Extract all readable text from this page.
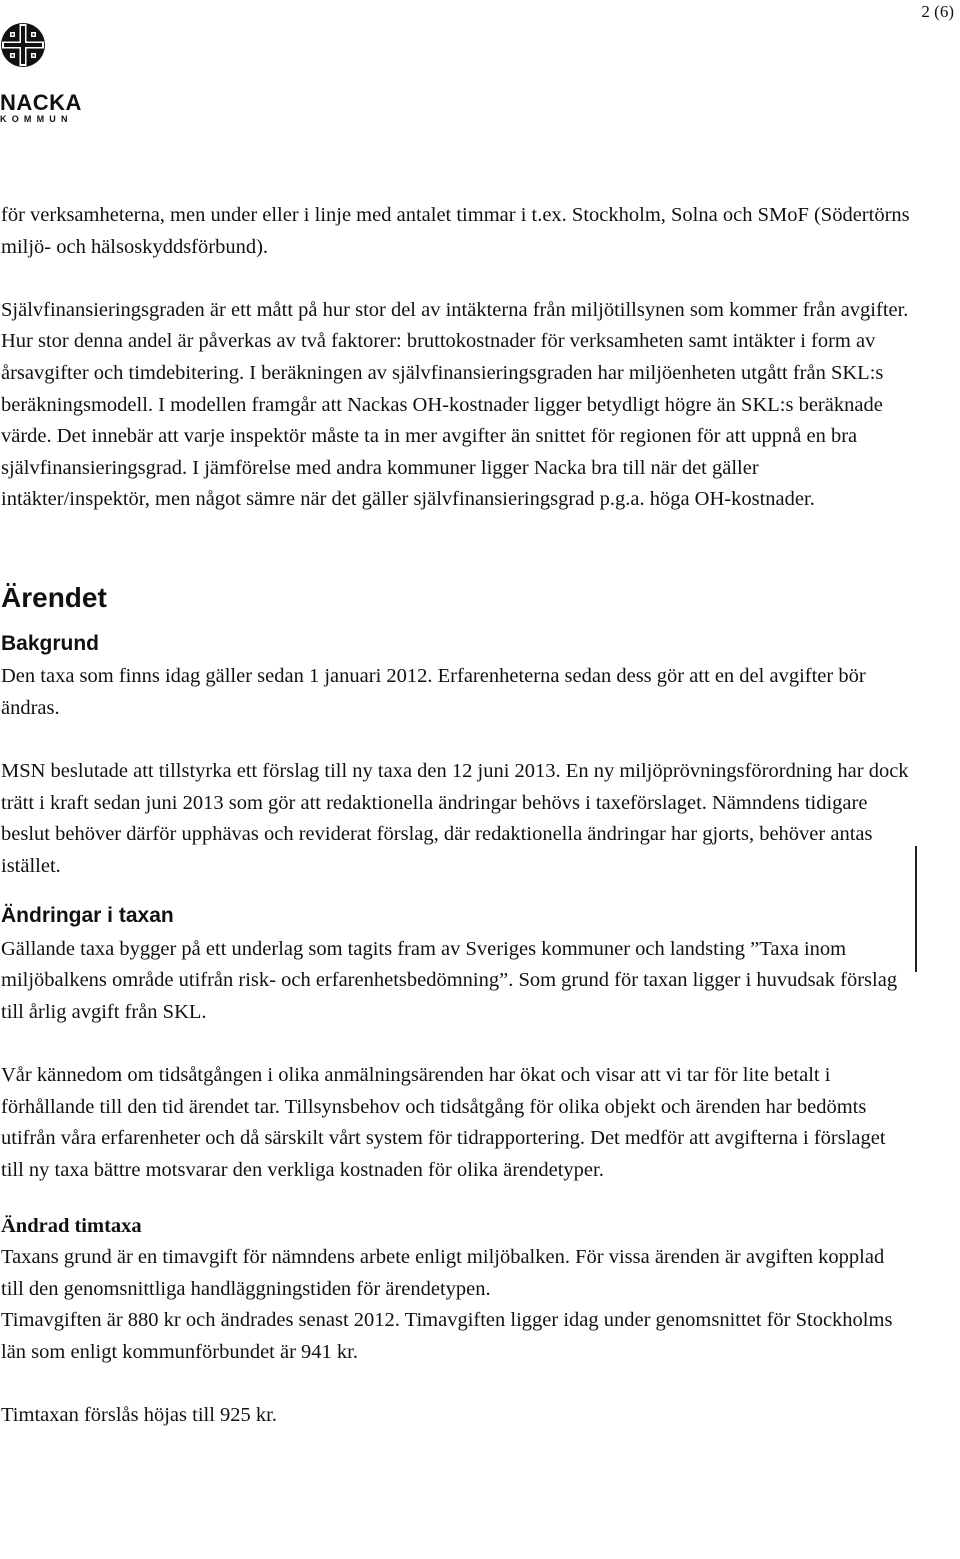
2 (6)
NACKA
KOMMUN

för verksamheterna, men under eller i linje med antalet timmar i t.ex. Stockholm, Solna och SMoF (Södertörns miljö- och hälsoskyddsförbund).

Självfinansieringsgraden är ett mått på hur stor del av intäkterna från miljötillsynen som kommer från avgifter. Hur stor denna andel är påverkas av två faktorer: bruttokostnader för verksamheten samt intäkter i form av årsavgifter och timdebitering. I beräkningen av självfinansieringsgraden har miljöenheten utgått från SKL:s beräkningsmodell. I modellen framgår att Nackas OH-kostnader ligger betydligt högre än SKL:s beräknade värde. Det innebär att varje inspektör måste ta in mer avgifter än snittet för regionen för att uppnå en bra självfinansieringsgrad. I jämförelse med andra kommuner ligger Nacka bra till när det gäller intäkter/inspektör, men något sämre när det gäller självfinansieringsgrad p.g.a. höga OH-kostnader.

Ärendet
Bakgrund

Den taxa som finns idag gäller sedan 1 januari 2012. Erfarenheterna sedan dess gör att en del avgifter bör ändras.

MSN beslutade att tillstyrka ett förslag till ny taxa den 12 juni 2013. En ny miljöprövningsförordning har dock trätt i kraft sedan juni 2013 som gör att redaktionella ändringar behövs i taxeförslaget. Nämndens tidigare beslut behöver därför upphävas och reviderat förslag, där redaktionella ändringar har gjorts, behöver antas istället.

Ändringar i taxan

Gällande taxa bygger på ett underlag som tagits fram av Sveriges kommuner och landsting ”Taxa inom miljöbalkens område utifrån risk- och erfarenhetsbedömning”. Som grund för taxan ligger i huvudsak förslag till årlig avgift från SKL.

Vår kännedom om tidsåtgången i olika anmälningsärenden har ökat och visar att vi tar för lite betalt i förhållande till den tid ärendet tar. Tillsynsbehov och tidsåtgång för olika objekt och ärenden har bedömts utifrån våra erfarenheter och då särskilt vårt system för tidrapportering. Det medför att avgifterna i förslaget till ny taxa bättre motsvarar den verkliga kostnaden för olika ärendetyper.

Ändrad timtaxa

Taxans grund är en timavgift för nämndens arbete enligt miljöbalken. För vissa ärenden är avgiften kopplad till den genomsnittliga handläggningstiden för ärendetypen.

Timavgiften är 880 kr och ändrades senast 2012. Timavgiften ligger idag under genomsnittet för Stockholms län som enligt kommunförbundet är 941 kr.

Timtaxan förslås höjas till 925 kr.
